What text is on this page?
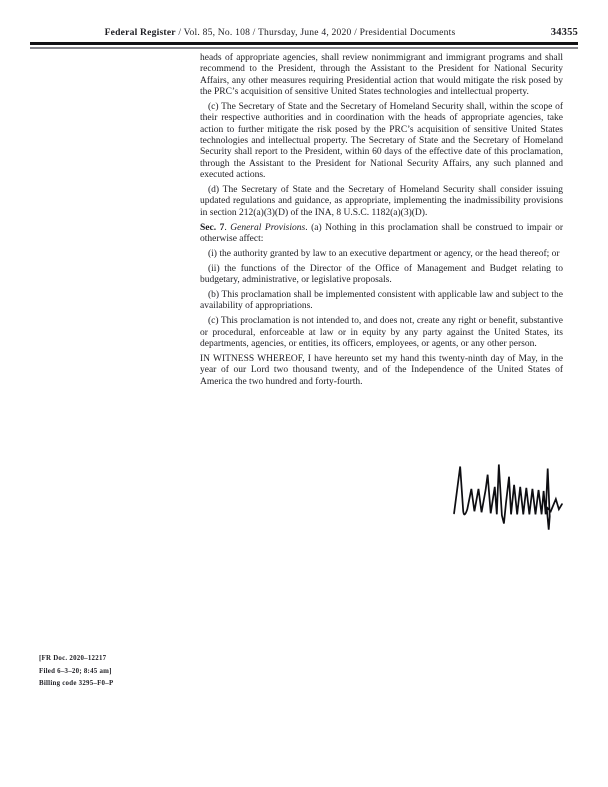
Federal Register / Vol. 85, No. 108 / Thursday, June 4, 2020 / Presidential Documents	34355

heads of appropriate agencies, shall review nonimmigrant and immigrant programs and shall recommend to the President, through the Assistant to the President for National Security Affairs, any other measures requiring Presidential action that would mitigate the risk posed by the PRC’s acquisition of sensitive United States technologies and intellectual property.

(c) The Secretary of State and the Secretary of Homeland Security shall, within the scope of their respective authorities and in coordination with the heads of appropriate agencies, take action to further mitigate the risk posed by the PRC’s acquisition of sensitive United States technologies and intellectual property. The Secretary of State and the Secretary of Homeland Security shall report to the President, within 60 days of the effective date of this proclamation, through the Assistant to the President for National Security Affairs, any such planned and executed actions.

(d) The Secretary of State and the Secretary of Homeland Security shall consider issuing updated regulations and guidance, as appropriate, implementing the inadmissibility provisions in section 212(a)(3)(D) of the INA, 8 U.S.C. 1182(a)(3)(D).

Sec. 7. General Provisions. (a) Nothing in this proclamation shall be construed to impair or otherwise affect:

(i) the authority granted by law to an executive department or agency, or the head thereof; or

(ii) the functions of the Director of the Office of Management and Budget relating to budgetary, administrative, or legislative proposals.

(b) This proclamation shall be implemented consistent with applicable law and subject to the availability of appropriations.

(c) This proclamation is not intended to, and does not, create any right or benefit, substantive or procedural, enforceable at law or in equity by any party against the United States, its departments, agencies, or entities, its officers, employees, or agents, or any other person.

IN WITNESS WHEREOF, I have hereunto set my hand this twenty-ninth day of May, in the year of our Lord two thousand twenty, and of the Independence of the United States of America the two hundred and forty-fourth.

[FR Doc. 2020–12217
Filed 6–3–20; 8:45 am]
Billing code 3295–F0–P
